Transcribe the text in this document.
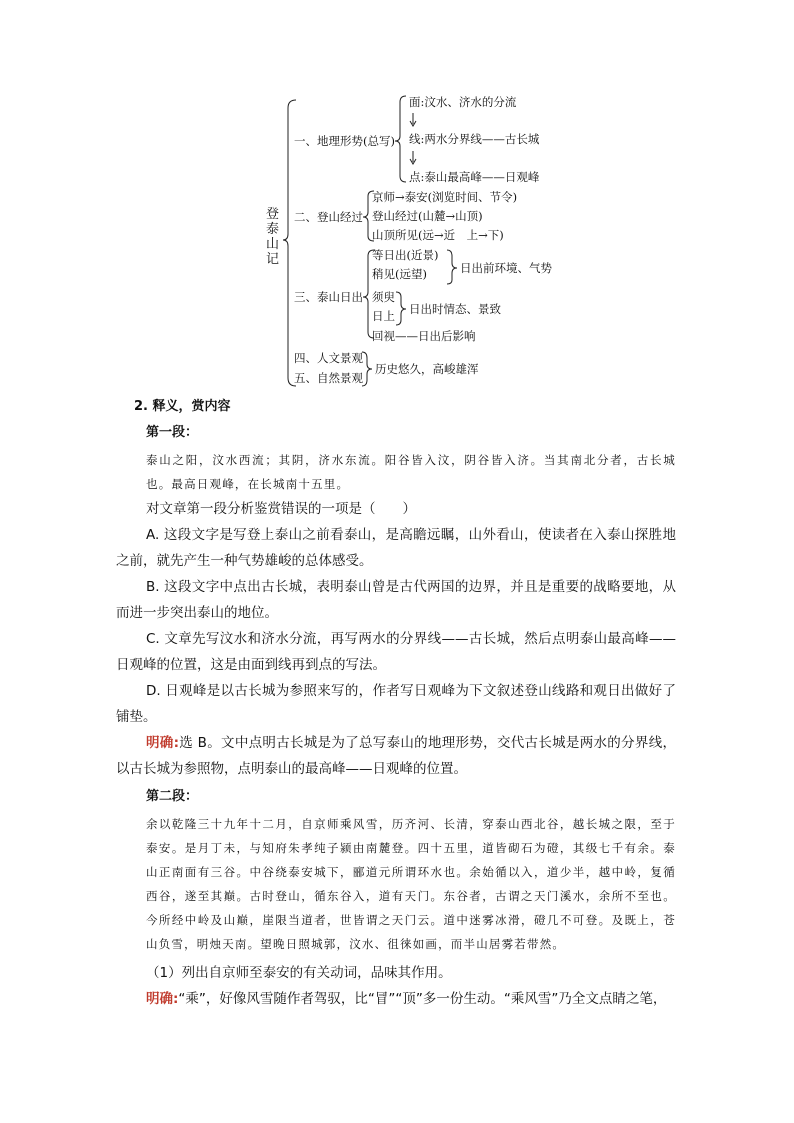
登
泰
山
记
一、地理形势(总写)
面:汶水、济水的分流
线:两水分界线——古长城
点:泰山最高峰——日观峰
二、登山经过
京师→泰安(浏览时间、节令)
登山经过(山麓→山顶)
山顶所见(远→近　上→下)
三、泰山日出
等日出(近景)
稍见(远望)	日出前环境、气势
须臾
日上 日出时情态、景致
回视——日出后影响
四、人文景观
五、自然景观
历史悠久，高峻雄浑
2. 释义，赏内容
第一段：
泰山之阳，汶水西流；其阴，济水东流。阳谷皆入汶，阴谷皆入济。当其南北分者，古长城也。最高日观峰，在长城南十五里。

对文章第一段分析鉴赏错误的一项是（　　）

A. 这段文字是写登上泰山之前看泰山，是高瞻远瞩，山外看山，使读者在入泰山探胜地之前，就先产生一种气势雄峻的总体感受。

B. 这段文字中点出古长城，表明泰山曾是古代两国的边界，并且是重要的战略要地，从而进一步突出泰山的地位。

C. 文章先写汶水和济水分流，再写两水的分界线——古长城，然后点明泰山最高峰——日观峰的位置，这是由面到线再到点的写法。

D. 日观峰是以古长城为参照来写的，作者写日观峰为下文叙述登山线路和观日出做好了铺垫。

明确:选 B。文中点明古长城是为了总写泰山的地理形势，交代古长城是两水的分界线，以古长城为参照物，点明泰山的最高峰——日观峰的位置。

第二段：
余以乾隆三十九年十二月，自京师乘风雪，历齐河、长清，穿泰山西北谷，越长城之限，至于泰安。是月丁未，与知府朱孝纯子颍由南麓登。四十五里，道皆砌石为磴，其级七千有余。泰山正南面有三谷。中谷绕泰安城下，郦道元所谓环水也。余始循以入，道少半，越中岭，复循西谷，遂至其巅。古时登山，循东谷入，道有天门。东谷者，古谓之天门溪水，余所不至也。今所经中岭及山巅，崖限当道者，世皆谓之天门云。道中迷雾冰滑，磴几不可登。及既上，苍山负雪，明烛天南。望晚日照城郭，汶水、徂徕如画，而半山居雾若带然。

（1）列出自京师至泰安的有关动词，品味其作用。

明确:“乘”，好像风雪随作者驾驭，比“冒”“顶”多一份生动。“乘风雪”乃全文点睛之笔，
